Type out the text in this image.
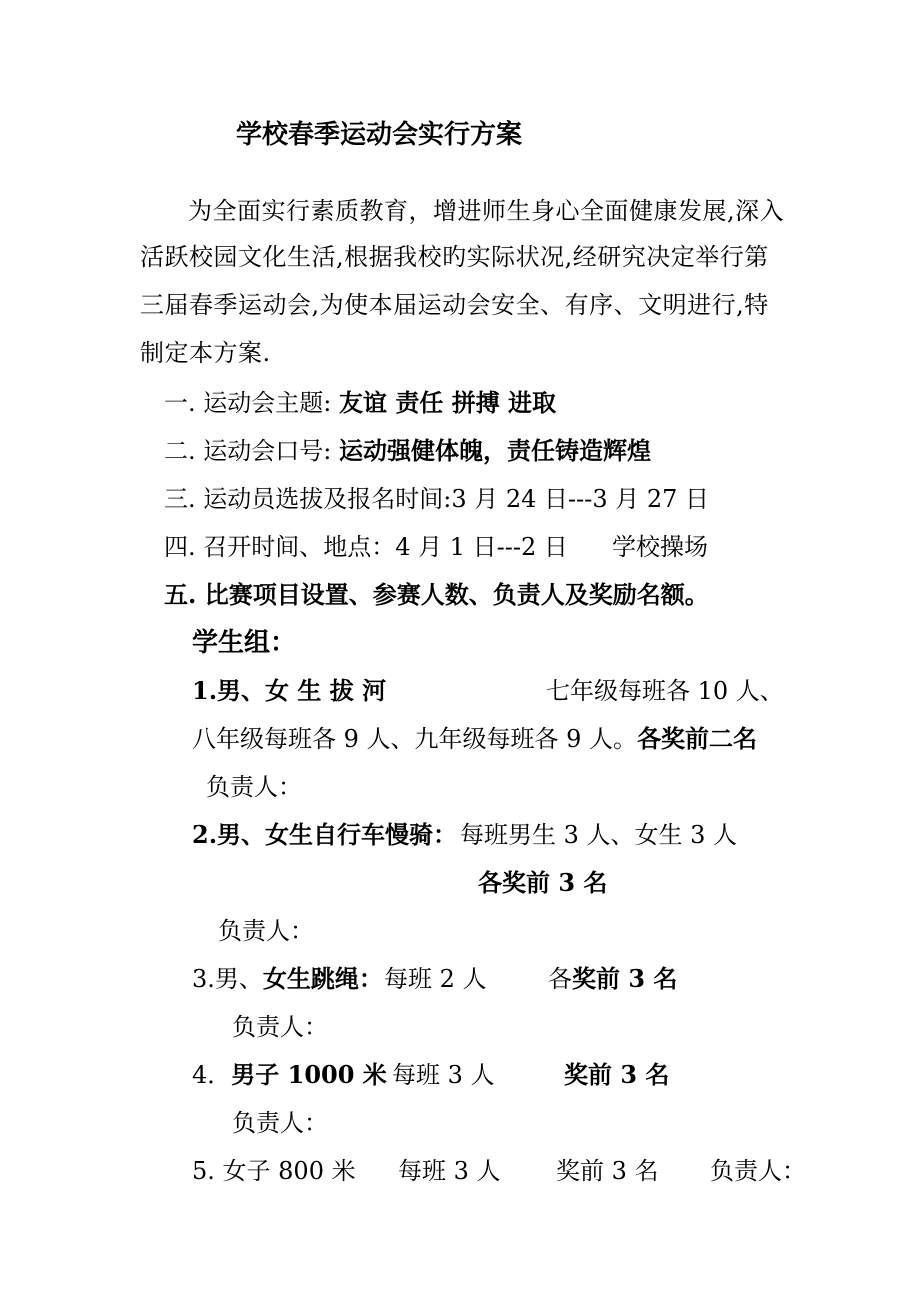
学校春季运动会实行方案
为全面实行素质教育，增进师生身心全面健康发展,深入
活跃校园文化生活,根据我校旳实际状况,经研究决定举行第
三届春季运动会,为使本届运动会安全、有序、文明进行,特
制定本方案.
一. 运动会主题: 友谊 责任 拼搏 进取
二. 运动会口号: 运动强健体魄，责任铸造辉煌
三. 运动员选拔及报名时间:3 月 24 日---3 月 27 日
四. 召开时间、地点：4 月 1 日---2 日 学校操场
五. 比赛项目设置、参赛人数、负责人及奖励名额。
学生组：
1.男、女 生 拔 河	七年级每班各 10 人、
八年级每班各 9 人、九年级每班各 9 人。各奖前二名
负责人：
2.男、女生自行车慢骑： 每班男生 3 人、女生 3 人
各奖前 3 名
负责人：
3.男、女生跳绳： 每班 2 人	各奖前 3 名
负责人：
4．男子 1000 米 每班 3 人	奖前 3 名
负责人：
5. 女子 800 米 每班 3 人 奖前 3 名 负责人：
